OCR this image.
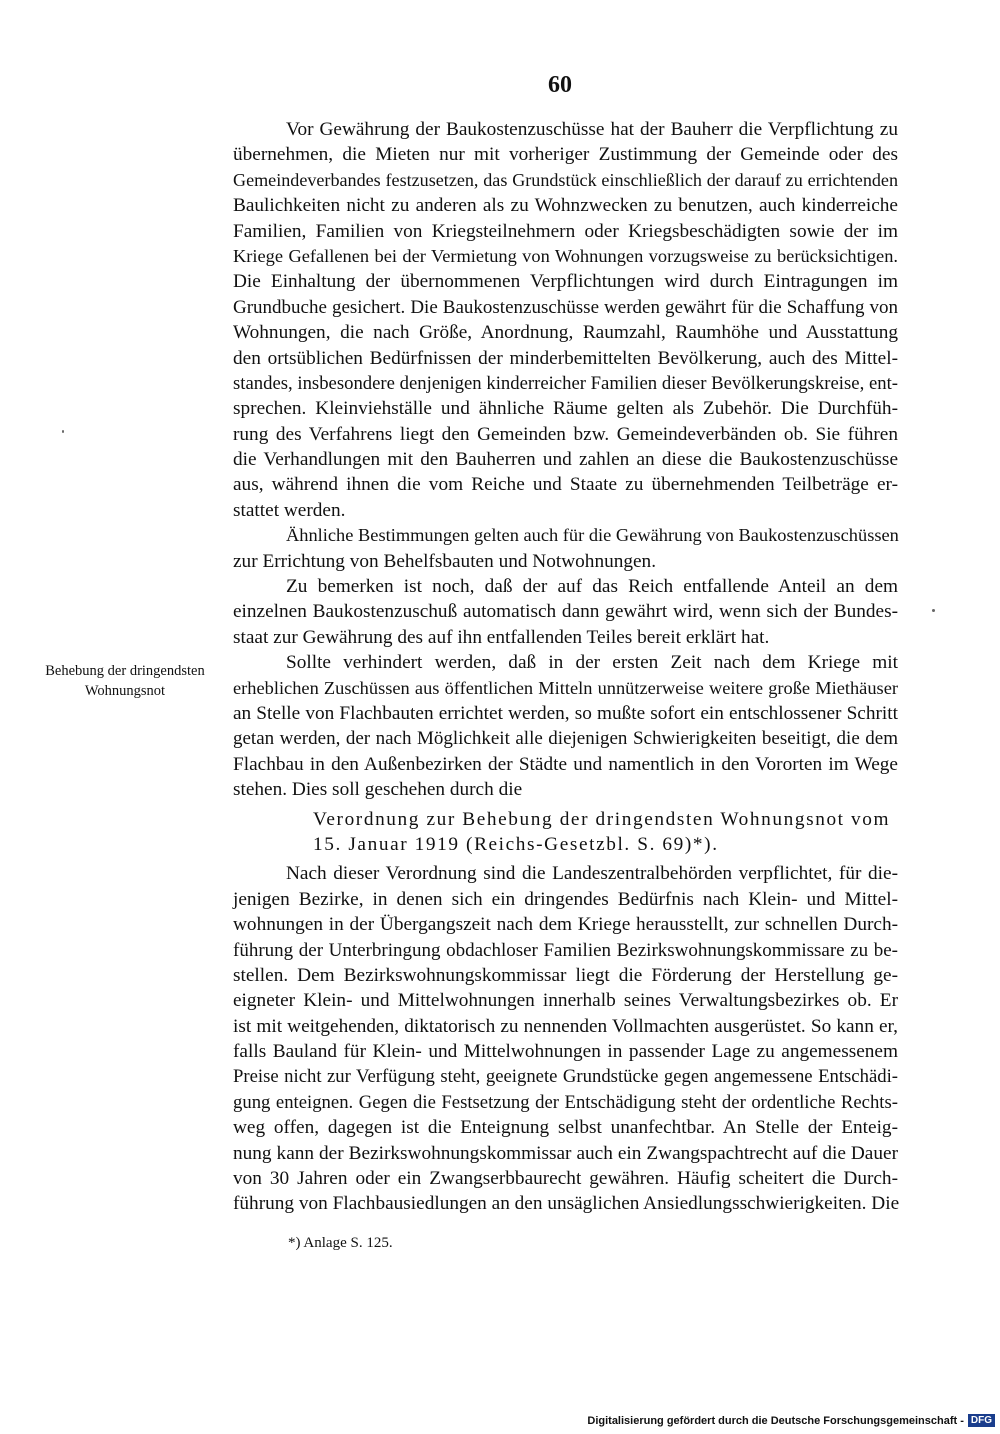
60
Vor Gewährung der Baukostenzuschüsse hat der Bauherr die Verpflichtung zu
übernehmen, die Mieten nur mit vorheriger Zustimmung der Gemeinde oder des
Gemeindeverbandes festzusetzen, das Grundstück einschließlich der darauf zu errichtenden
Baulichkeiten nicht zu anderen als zu Wohnzwecken zu benutzen, auch kinderreiche
Familien, Familien von Kriegsteilnehmern oder Kriegsbeschädigten sowie der im
Kriege Gefallenen bei der Vermietung von Wohnungen vorzugsweise zu berücksichtigen.
Die Einhaltung der übernommenen Verpflichtungen wird durch Eintragungen im
Grundbuche gesichert. Die Baukostenzuschüsse werden gewährt für die Schaffung von
Wohnungen, die nach Größe, Anordnung, Raumzahl, Raumhöhe und Ausstattung
den ortsüblichen Bedürfnissen der minderbemittelten Bevölkerung, auch des Mittel-
standes, insbesondere denjenigen kinderreicher Familien dieser Bevölkerungskreise, ent-
sprechen. Kleinviehställe und ähnliche Räume gelten als Zubehör. Die Durchfüh-
rung des Verfahrens liegt den Gemeinden bzw. Gemeindeverbänden ob. Sie führen
die Verhandlungen mit den Bauherren und zahlen an diese die Baukostenzuschüsse
aus, während ihnen die vom Reiche und Staate zu übernehmenden Teilbeträge er-
stattet werden.
Ähnliche Bestimmungen gelten auch für die Gewährung von Baukostenzuschüssen
zur Errichtung von Behelfsbauten und Notwohnungen.
Zu bemerken ist noch, daß der auf das Reich entfallende Anteil an dem
einzelnen Baukostenzuschuß automatisch dann gewährt wird, wenn sich der Bundes-
staat zur Gewährung des auf ihn entfallenden Teiles bereit erklärt hat.
Sollte verhindert werden, daß in der ersten Zeit nach dem Kriege mit
erheblichen Zuschüssen aus öffentlichen Mitteln unnützerweise weitere große Miethäuser
an Stelle von Flachbauten errichtet werden, so mußte sofort ein entschlossener Schritt
getan werden, der nach Möglichkeit alle diejenigen Schwierigkeiten beseitigt, die dem
Flachbau in den Außenbezirken der Städte und namentlich in den Vororten im Wege
stehen. Dies soll geschehen durch die
Verordnung zur Behebung der dringendsten Wohnungsnot vom
15. Januar 1919 (Reichs-Gesetzbl. S. 69)*).
Nach dieser Verordnung sind die Landeszentralbehörden verpflichtet, für die-
jenigen Bezirke, in denen sich ein dringendes Bedürfnis nach Klein- und Mittel-
wohnungen in der Übergangszeit nach dem Kriege herausstellt, zur schnellen Durch-
führung der Unterbringung obdachloser Familien Bezirkswohnungskommissare zu be-
stellen. Dem Bezirkswohnungskommissar liegt die Förderung der Herstellung ge-
eigneter Klein- und Mittelwohnungen innerhalb seines Verwaltungsbezirkes ob. Er
ist mit weitgehenden, diktatorisch zu nennenden Vollmachten ausgerüstet. So kann er,
falls Bauland für Klein- und Mittelwohnungen in passender Lage zu angemessenem
Preise nicht zur Verfügung steht, geeignete Grundstücke gegen angemessene Entschädi-
gung enteignen. Gegen die Festsetzung der Entschädigung steht der ordentliche Rechts-
weg offen, dagegen ist die Enteignung selbst unanfechtbar. An Stelle der Enteig-
nung kann der Bezirkswohnungskommissar auch ein Zwangspachtrecht auf die Dauer
von 30 Jahren oder ein Zwangserbbaurecht gewähren. Häufig scheitert die Durch-
führung von Flachbausiedlungen an den unsäglichen Ansiedlungsschwierigkeiten. Die
Behebung der dringendsten
Wohnungsnot
*) Anlage S. 125.
Digitalisierung gefördert durch die Deutsche Forschungsgemeinschaft - DFG
